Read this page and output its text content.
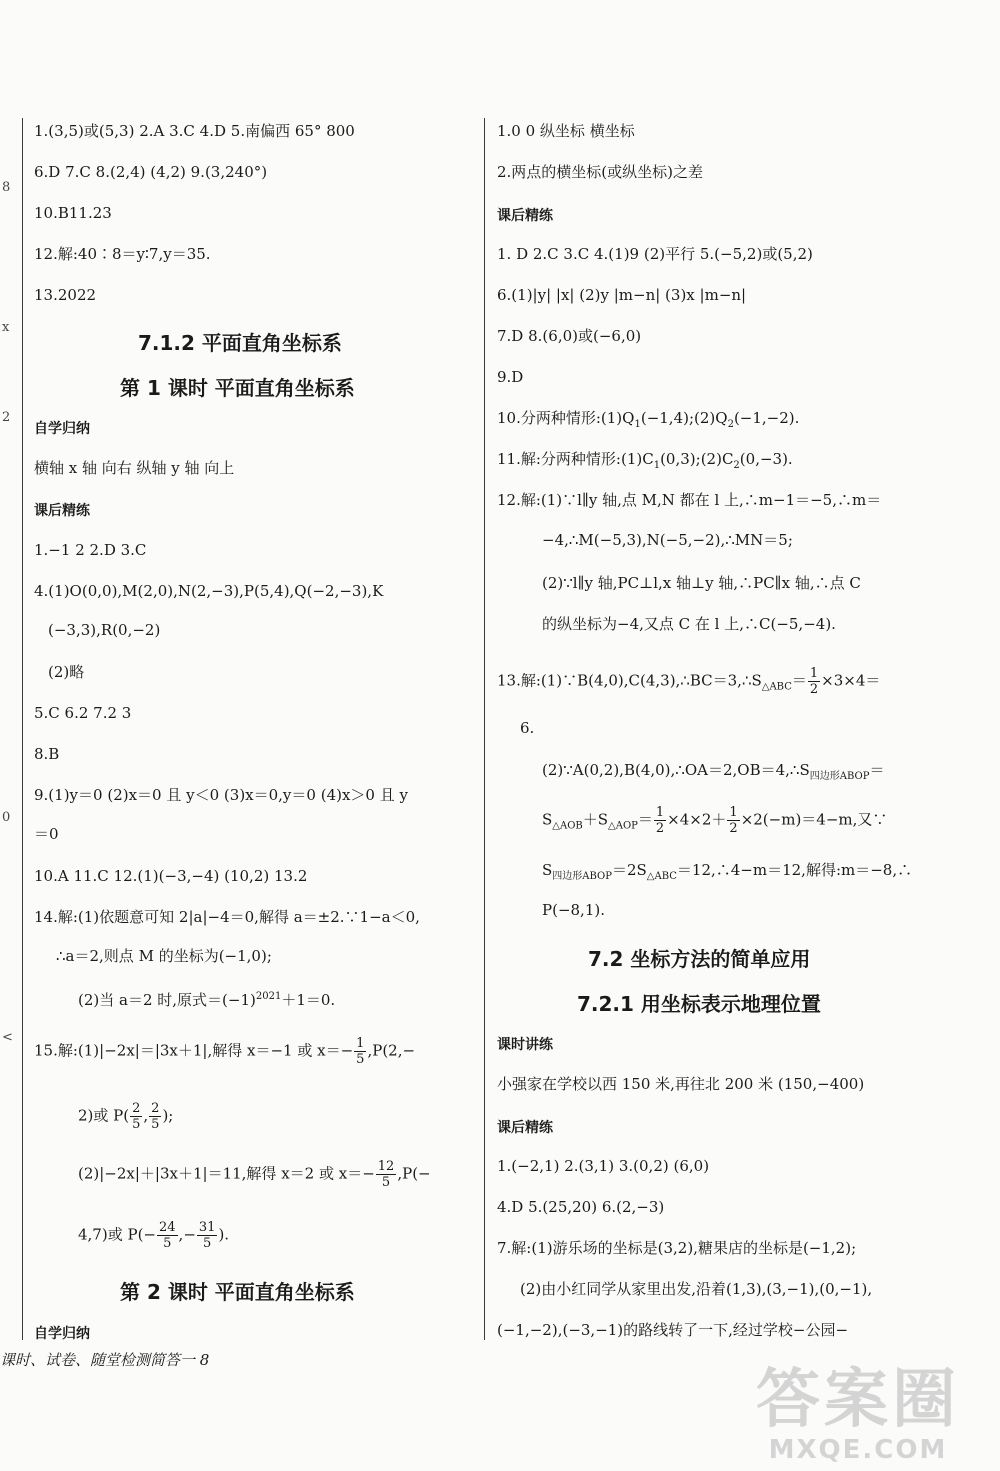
8
x
2
0
<
1.(3,5)或(5,3) 2.A 3.C 4.D 5.南偏西 65° 800
6.D 7.C 8.(2,4) (4,2) 9.(3,240°)
10.B11.23
12.解:40∶8＝y∶7,y＝35.
13.2022
7.1.2 平面直角坐标系
第 1 课时 平面直角坐标系
自学归纳
横轴 x 轴 向右 纵轴 y 轴 向上
课后精练
1.−1 2 2.D 3.C
4.(1)O(0,0),M(2,0),N(2,−3),P(5,4),Q(−2,−3),K
(−3,3),R(0,−2)
(2)略
5.C 6.2 7.2 3
8.B
9.(1)y＝0 (2)x＝0 且 y＜0 (3)x＝0,y＝0 (4)x＞0 且 y
＝0
10.A 11.C 12.(1)(−3,−4) (10,2) 13.2
14.解:(1)依题意可知 2|a|−4＝0,解得 a＝±2.∵1−a＜0,
∴a＝2,则点 M 的坐标为(−1,0);
(2)当 a＝2 时,原式$=(-1)^{2021}+1=0$.
15.解:(1)|−2x|＝|3x＋1|,解得 x＝−1 或 $x=- \frac{1}{5} ,P(2,-$
2)或 $P( \frac{2}{5}$ , $\frac{2}{5}$ );
(2)|−2x|＋|3x＋1|＝11,解得 x＝2 或 $x=- \frac{12}{5} ,P(-$
4,7)或 $P(- \frac{24}{5}$ ,− $\frac{31}{5}$ ).
第 2 课时 平面直角坐标系
自学归纳
1.0 0 纵坐标 横坐标
2.两点的横坐标(或纵坐标)之差
课后精练
1. D 2.C 3.C 4.(1)9 (2)平行 5.(−5,2)或(5,2)
6.(1)|y| |x| (2)y |m−n| (3)x |m−n|
7.D 8.(6,0)或(−6,0)
9.D
10.分两种情形$:(1)Q_1(-1,4);(2)Q_2(-1,-2)$.
11.解:分两种情形$:(1)C_1(0,3);(2)C_2(0,-3)$.
12.解:(1)∵l∥y 轴,点 M,N 都在 l 上,∴m−1＝−5,∴m＝
−4,∴M(−5,3),N(−5,−2),∴MN＝5;
(2)∵l∥y 轴,PC⊥l,x 轴⊥y 轴,∴PC∥x 轴,∴点 C
的纵坐标为−4,又点 C 在 l 上,∴C(−5,−4).
13.解$:(1)\because B(4,0),C(4,3),\therefore BC=3,\therefore S_{\triangle ABC}= \frac{1}{2} \times 3\times 4=$
6.
$(2)\because A(0,2),B(4,0),\therefore OA=2,OB=4,\therefore S_{四边形ABOP}=$
$S_{\triangle AOB}+S_{\triangle AOP}= \frac{1}{2} \times 4\times 2+ \frac{1}{2} \times 2(-m)=4-m$,又∵
$S_{四边形ABOP}=2S_{\triangle ABC}=12,\therefore 4-m=12$,解得:m＝−8,∴
P(−8,1).
7.2 坐标方法的简单应用
7.2.1 用坐标表示地理位置
课时讲练
小强家在学校以西 150 米,再往北 200 米 (150,−400)
课后精练
1.(−2,1) 2.(3,1) 3.(0,2) (6,0)
4.D 5.(25,20) 6.(2,−3)
7.解:(1)游乐场的坐标是(3,2),糖果店的坐标是(−1,2);
(2)由小红同学从家里出发,沿着(1,3),(3,−1),(0,−1),
(−1,−2),(−3,−1)的路线转了一下,经过学校−公园−
课时、试卷、随堂检测简答一 8
答案圈
MXQE.COM
